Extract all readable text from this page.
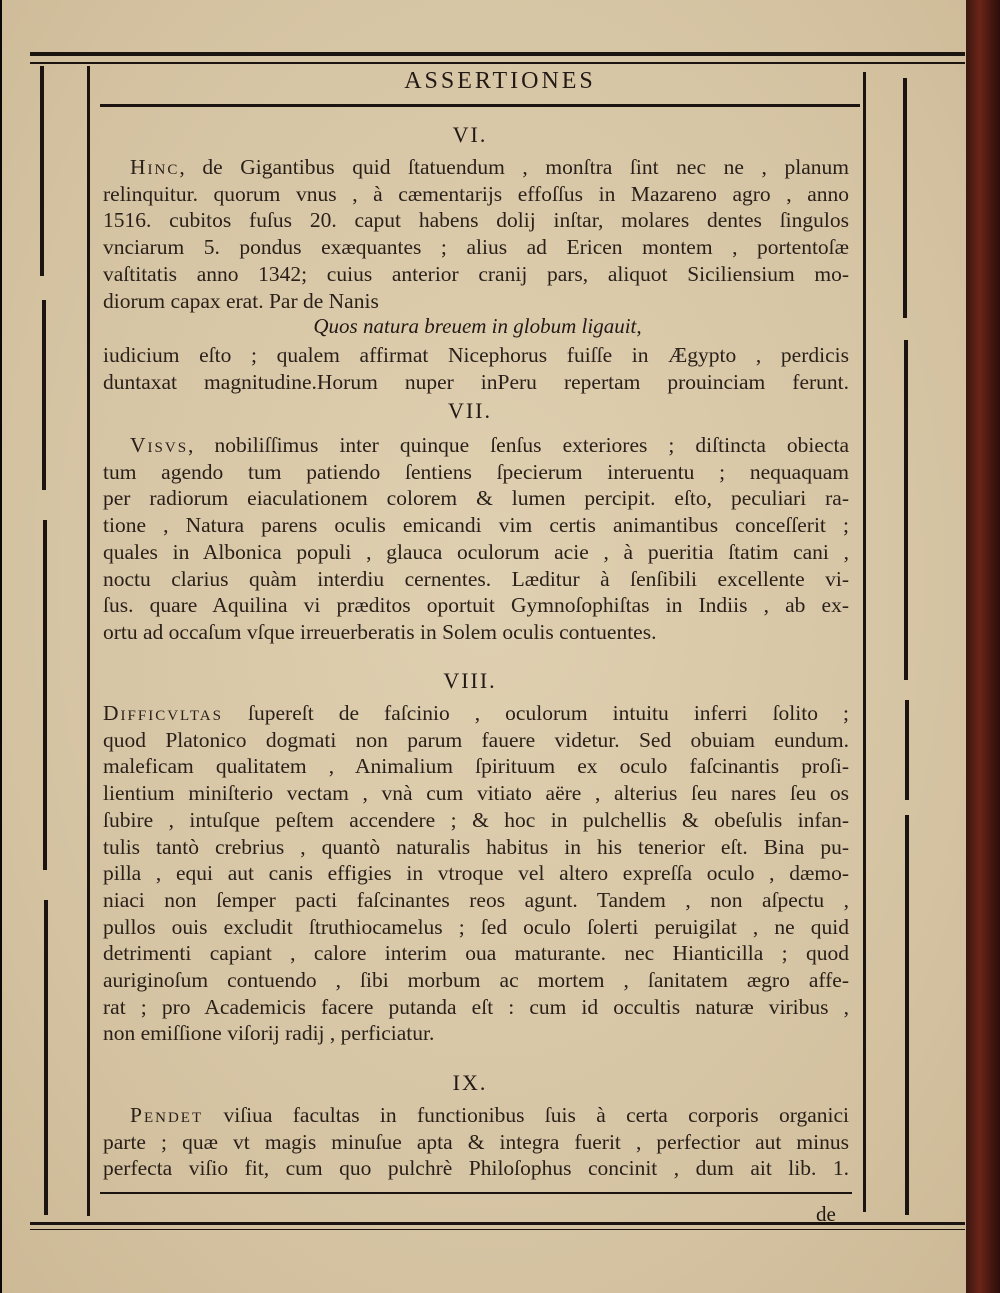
ASSERTIONES
VI.

Hinc, de Gigantibus quid ſtatuendum , monſtra ſint nec ne , planum
relinquitur. quorum vnus , à cæmentarijs effoſſus in Mazareno agro , anno
1516. cubitos fuſus 20. caput habens dolij inſtar, molares dentes ſingulos
vnciarum 5. pondus exæquantes ; alius ad Ericen montem , portentoſæ
vaſtitatis anno 1342; cuius anterior cranij pars, aliquot Siciliensium mo-
diorum capax erat. Par de Nanis

Quos natura breuem in globum ligauit,

iudicium eſto ; qualem affirmat Nicephorus fuiſſe in Ægypto , perdicis
duntaxat magnitudine.Horum nuper inPeru repertam prouinciam ferunt.

VII.

Visvs, nobiliſſimus inter quinque ſenſus exteriores ; diſtincta obiecta
tum agendo tum patiendo ſentiens ſpecierum interuentu ; nequaquam
per radiorum eiaculationem colorem & lumen percipit. eſto, peculiari ra-
tione , Natura parens oculis emicandi vim certis animantibus conceſſerit ;
quales in Albonica populi , glauca oculorum acie , à pueritia ſtatim cani ,
noctu clarius quàm interdiu cernentes. Læditur à ſenſibili excellente vi-
ſus. quare Aquilina vi præditos oportuit Gymnoſophiſtas in Indiis , ab ex-
ortu ad occaſum vſque irreuerberatis in Solem oculis contuentes.

VIII.

Difficvltas ſupereſt de faſcinio , oculorum intuitu inferri ſolito ;
quod Platonico dogmati non parum fauere videtur. Sed obuiam eundum.
maleficam qualitatem , Animalium ſpirituum ex oculo faſcinantis proſi-
lientium miniſterio vectam , vnà cum vitiato aëre , alterius ſeu nares ſeu os
ſubire , intuſque peſtem accendere ; & hoc in pulchellis & obeſulis infan-
tulis tantò crebrius , quantò naturalis habitus in his tenerior eſt. Bina pu-
pilla , equi aut canis effigies in vtroque vel altero expreſſa oculo , dæmo-
niaci non ſemper pacti faſcinantes reos agunt. Tandem , non aſpectu ,
pullos ouis excludit ſtruthiocamelus ; ſed oculo ſolerti peruigilat , ne quid
detrimenti capiant , calore interim oua maturante. nec Hianticilla ; quod
auriginoſum contuendo , ſibi morbum ac mortem , ſanitatem ægro affe-
rat ; pro Academicis facere putanda eſt : cum id occultis naturæ viribus ,
non emiſſione viſorij radij , perficiatur.

IX.

Pendet viſiua facultas in functionibus ſuis à certa corporis organici
parte ; quæ vt magis minuſue apta & integra fuerit , perfectior aut minus
perfecta viſio fit, cum quo pulchrè Philoſophus concinit , dum ait lib. 1.

de
